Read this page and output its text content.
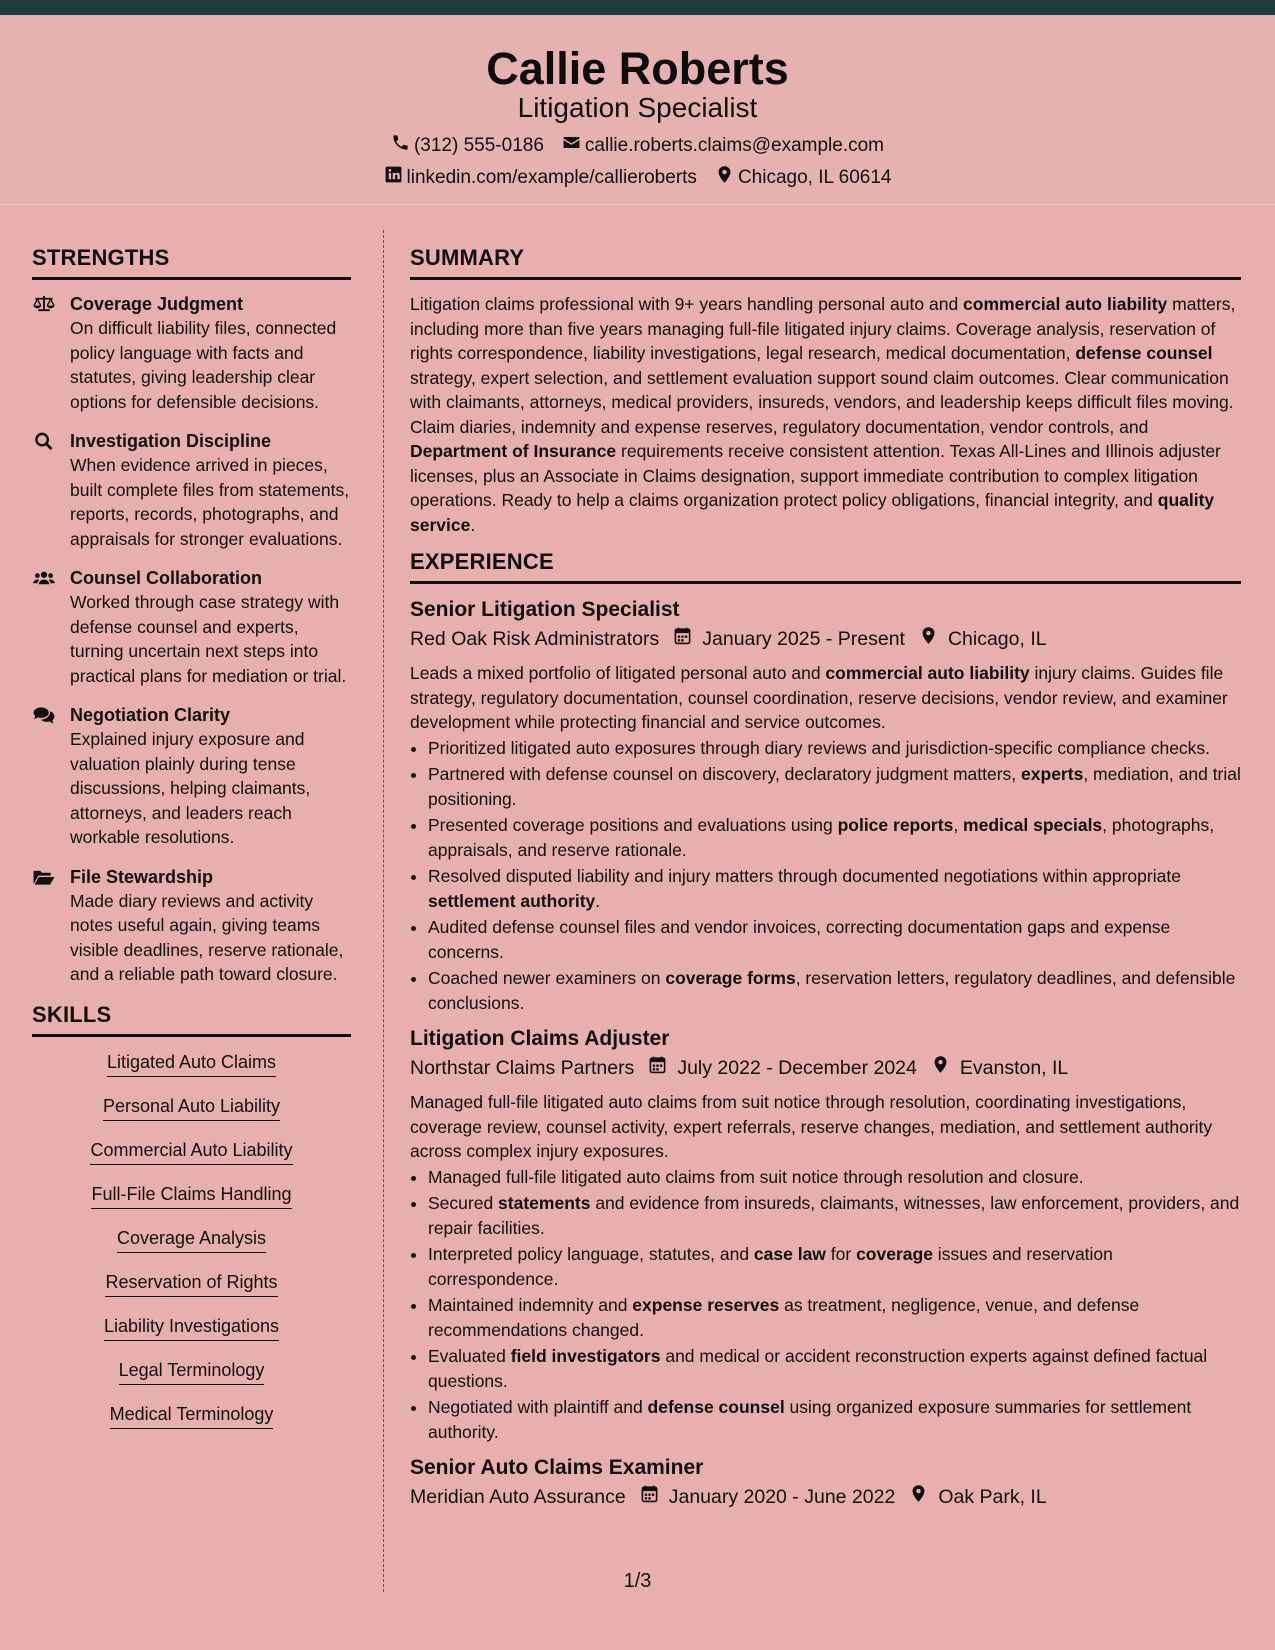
Callie Roberts
Litigation Specialist
(312) 555-0186 callie.roberts.claims@example.com
linkedin.com/example/callieroberts Chicago, IL 60614
STRENGTHS
Coverage Judgment
On difficult liability files, connected policy language with facts and statutes, giving leadership clear options for defensible decisions.
Investigation Discipline
When evidence arrived in pieces, built complete files from statements, reports, records, photographs, and appraisals for stronger evaluations.
Counsel Collaboration
Worked through case strategy with defense counsel and experts, turning uncertain next steps into practical plans for mediation or trial.
Negotiation Clarity
Explained injury exposure and valuation plainly during tense discussions, helping claimants, attorneys, and leaders reach workable resolutions.
File Stewardship
Made diary reviews and activity notes useful again, giving teams visible deadlines, reserve rationale, and a reliable path toward closure.
SKILLS
Litigated Auto Claims
Personal Auto Liability
Commercial Auto Liability
Full-File Claims Handling
Coverage Analysis
Reservation of Rights
Liability Investigations
Legal Terminology
Medical Terminology
SUMMARY
Litigation claims professional with 9+ years handling personal auto and commercial auto liability matters, including more than five years managing full-file litigated injury claims. Coverage analysis, reservation of rights correspondence, liability investigations, legal research, medical documentation, defense counsel strategy, expert selection, and settlement evaluation support sound claim outcomes. Clear communication with claimants, attorneys, medical providers, insureds, vendors, and leadership keeps difficult files moving. Claim diaries, indemnity and expense reserves, regulatory documentation, vendor controls, and Department of Insurance requirements receive consistent attention. Texas All-Lines and Illinois adjuster licenses, plus an Associate in Claims designation, support immediate contribution to complex litigation operations. Ready to help a claims organization protect policy obligations, financial integrity, and quality service.
EXPERIENCE
Senior Litigation Specialist
Red Oak Risk Administrators January 2025 - Present Chicago, IL
Leads a mixed portfolio of litigated personal auto and commercial auto liability injury claims. Guides file strategy, regulatory documentation, counsel coordination, reserve decisions, vendor review, and examiner development while protecting financial and service outcomes.
• Prioritized litigated auto exposures through diary reviews and jurisdiction-specific compliance checks.
• Partnered with defense counsel on discovery, declaratory judgment matters, experts, mediation, and trial positioning.
• Presented coverage positions and evaluations using police reports, medical specials, photographs, appraisals, and reserve rationale.
• Resolved disputed liability and injury matters through documented negotiations within appropriate settlement authority.
• Audited defense counsel files and vendor invoices, correcting documentation gaps and expense concerns.
• Coached newer examiners on coverage forms, reservation letters, regulatory deadlines, and defensible conclusions.
Litigation Claims Adjuster
Northstar Claims Partners July 2022 - December 2024 Evanston, IL
Managed full-file litigated auto claims from suit notice through resolution, coordinating investigations, coverage review, counsel activity, expert referrals, reserve changes, mediation, and settlement authority across complex injury exposures.
• Managed full-file litigated auto claims from suit notice through resolution and closure.
• Secured statements and evidence from insureds, claimants, witnesses, law enforcement, providers, and repair facilities.
• Interpreted policy language, statutes, and case law for coverage issues and reservation correspondence.
• Maintained indemnity and expense reserves as treatment, negligence, venue, and defense recommendations changed.
• Evaluated field investigators and medical or accident reconstruction experts against defined factual questions.
• Negotiated with plaintiff and defense counsel using organized exposure summaries for settlement authority.
Senior Auto Claims Examiner
Meridian Auto Assurance January 2020 - June 2022 Oak Park, IL
1/3
